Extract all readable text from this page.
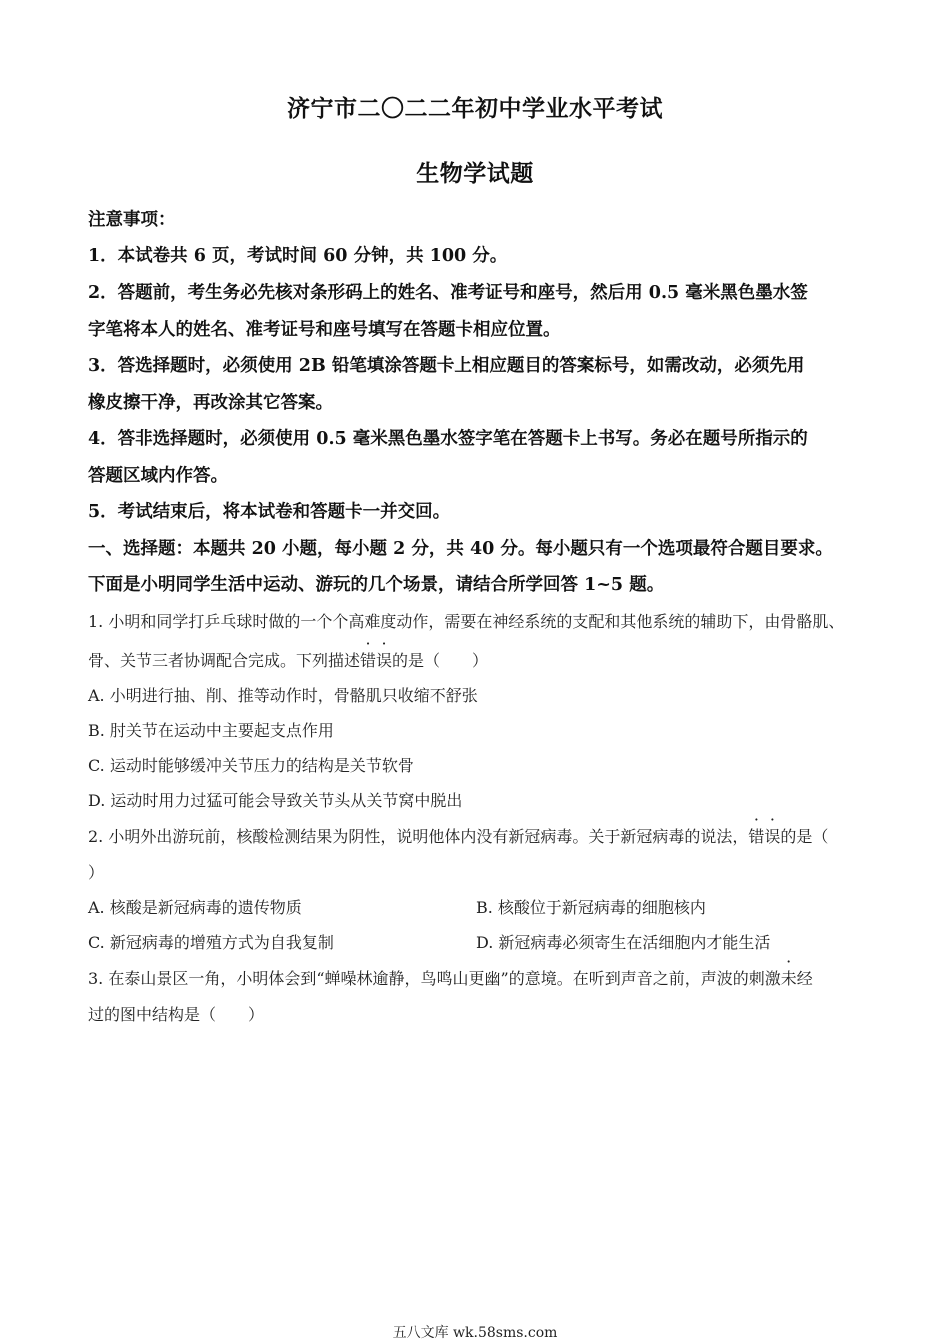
济宁市二〇二二年初中学业水平考试
生物学试题
注意事项：
1．本试卷共 6 页，考试时间 60 分钟，共 100 分。
2．答题前，考生务必先核对条形码上的姓名、准考证号和座号，然后用 0.5 毫米黑色墨水签
字笔将本人的姓名、准考证号和座号填写在答题卡相应位置。
3．答选择题时，必须使用 2B 铅笔填涂答题卡上相应题目的答案标号，如需改动，必须先用
橡皮擦干净，再改涂其它答案。
4．答非选择题时，必须使用 0.5 毫米黑色墨水签字笔在答题卡上书写。务必在题号所指示的
答题区域内作答。
5．考试结束后，将本试卷和答题卡一并交回。
一、选择题：本题共 20 小题，每小题 2 分，共 40 分。每小题只有一个选项最符合题目要求。
下面是小明同学生活中运动、游玩的几个场景，请结合所学回答 1~5 题。
1. 小明和同学打乒乓球时做的一个个高难度动作，需要在神经系统的支配和其他系统的辅助下，由骨骼肌、
骨、关节三者协调配合完成。下列描述错误的是（　　）
A. 小明进行抽、削、推等动作时，骨骼肌只收缩不舒张
B. 肘关节在运动中主要起支点作用
C. 运动时能够缓冲关节压力的结构是关节软骨
D. 运动时用力过猛可能会导致关节头从关节窝中脱出
2. 小明外出游玩前，核酸检测结果为阴性，说明他体内没有新冠病毒。关于新冠病毒的说法，错误的是（
）
A. 核酸是新冠病毒的遗传物质	B. 核酸位于新冠病毒的细胞核内
C. 新冠病毒的增殖方式为自我复制	D. 新冠病毒必须寄生在活细胞内才能生活
3. 在泰山景区一角，小明体会到“蝉噪林逾静，鸟鸣山更幽”的意境。在听到声音之前，声波的刺激未经
过的图中结构是（　　）
五八文库 wk.58sms.com
